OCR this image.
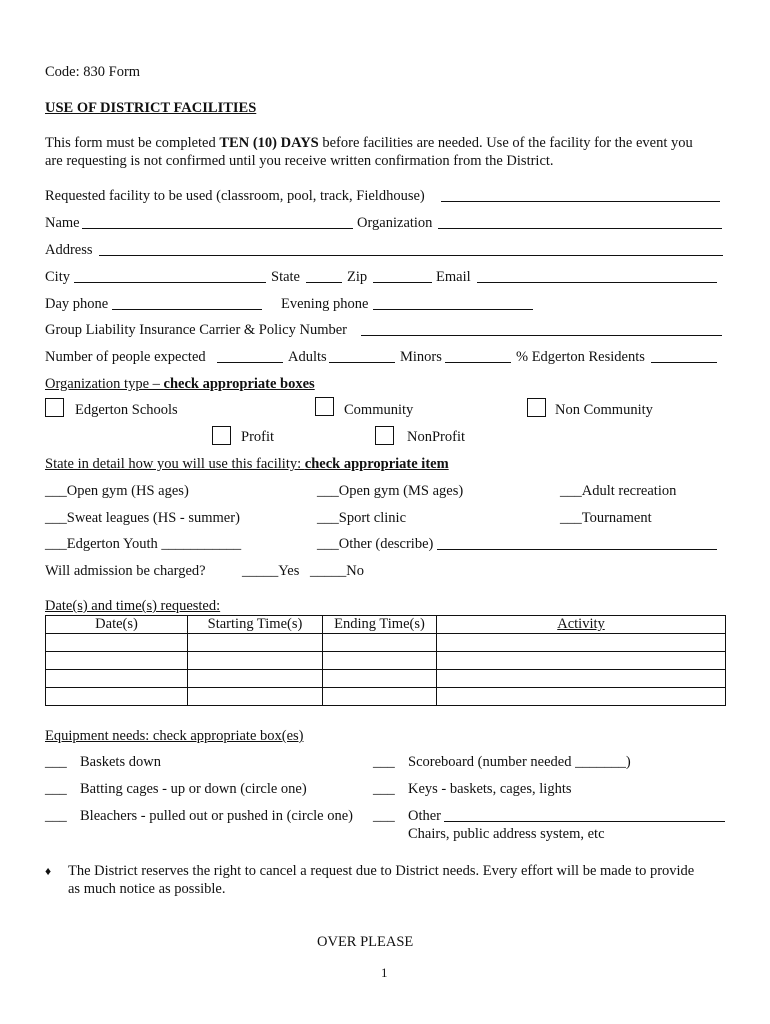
Code: 830 Form
USE OF DISTRICT FACILITIES
This form must be completed TEN (10) DAYS before facilities are needed. Use of the facility for the event you
are requesting is not confirmed until you receive written confirmation from the District.
Requested facility to be used (classroom, pool, track, Fieldhouse)
Name	Organization
Address
City	State	Zip	Email
Day phone	Evening phone
Group Liability Insurance Carrier & Policy Number
Number of people expected	Adults	Minors	% Edgerton Residents
Organization type – check appropriate boxes
Edgerton Schools	Community	Non Community
Profit	NonProfit
State in detail how you will use this facility: check appropriate item
___Open gym (HS ages)	___Open gym (MS ages)	___Adult recreation
___Sweat leagues (HS - summer)	___Sport clinic	___Tournament
___Edgerton Youth ___________	___Other (describe)
Will admission be charged?	_____Yes _____No
Date(s) and time(s) requested:
Date(s)	Starting Time(s)	Ending Time(s)	Activity

Equipment needs: check appropriate box(es)
___ Baskets down	___ Scoreboard (number needed _______)
___ Batting cages - up or down (circle one)	___ Keys - baskets, cages, lights
___ Bleachers - pulled out or pushed in (circle one) ___ Other
Chairs, public address system, etc
♦ The District reserves the right to cancel a request due to District needs. Every effort will be made to provide
as much notice as possible.
OVER PLEASE
1
